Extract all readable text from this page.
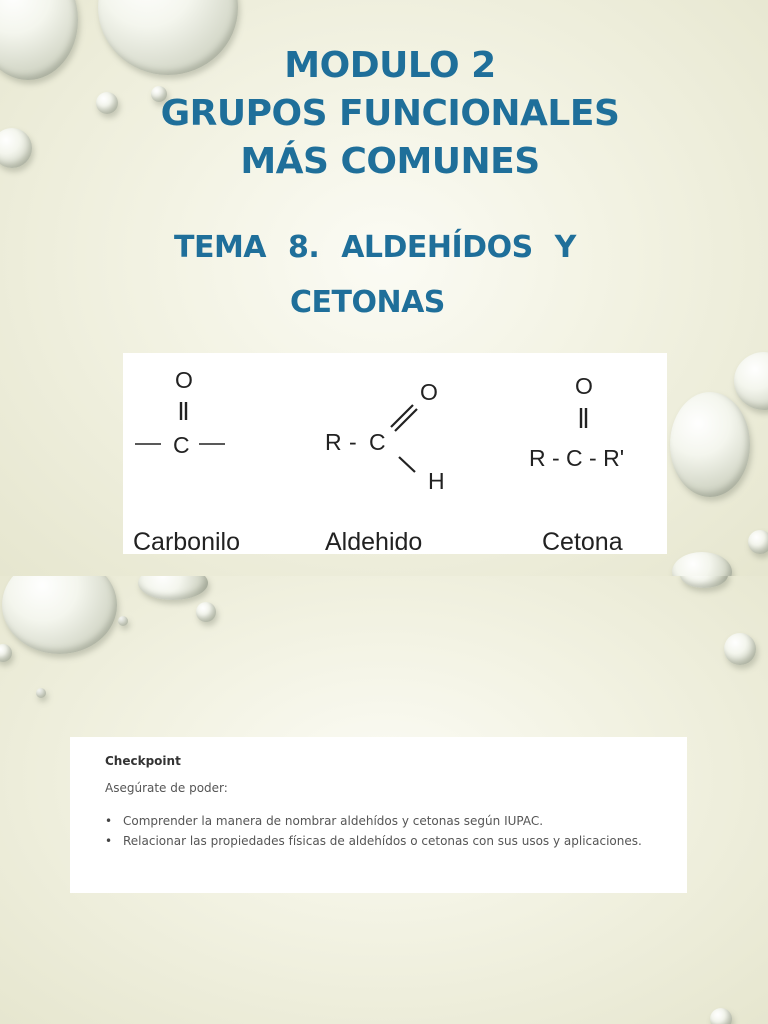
MODULO 2
GRUPOS FUNCIONALES
MÁS COMUNES
TEMA 8. ALDEHÍDOS Y
CETONAS
O
C
Carbonilo
R - C
O
H
Aldehido
O
R - C - R'
Cetona
Checkpoint

Asegúrate de poder:

• Comprender la manera de nombrar aldehídos y cetonas según IUPAC.
• Relacionar las propiedades físicas de aldehídos o cetonas con sus usos y aplicaciones.
